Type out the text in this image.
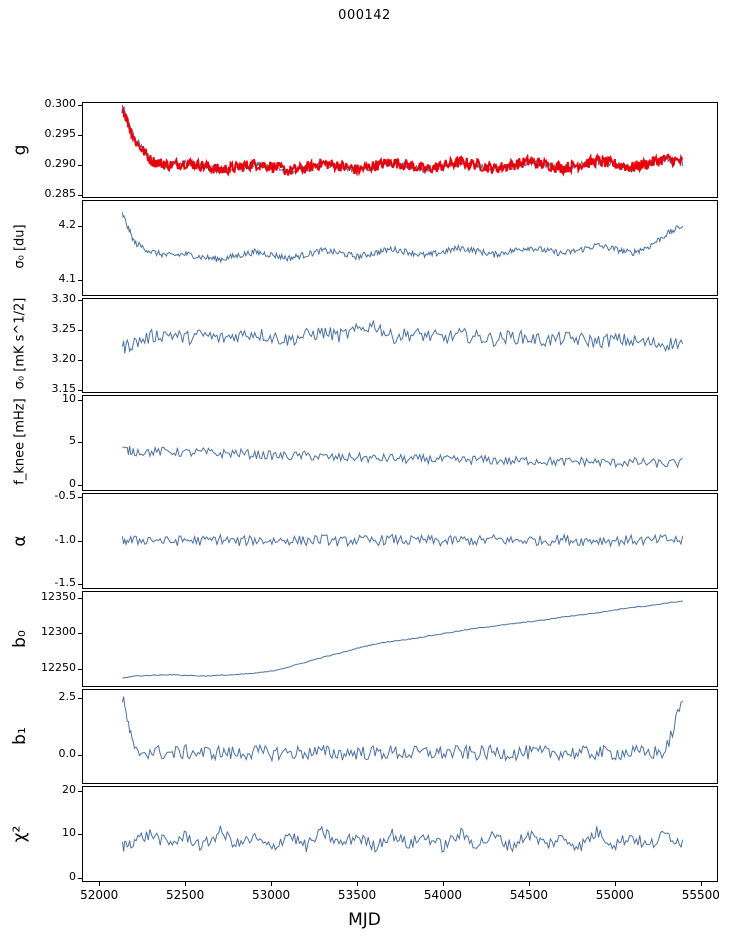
000142
MJD
0.285
0.290
0.295
0.300
g
4.1
4.2
σ₀ [du]
3.15
3.20
3.25
3.30
σ₀ [mK s^1/2]
0
5
10
f_knee [mHz]
-1.5
-1.0
-0.5
α
12250
12300
12350
b₀
0.0
2.5
b₁
0
10
20
χ²
52000	52500	53000	53500	54000	54500	55000	55500
